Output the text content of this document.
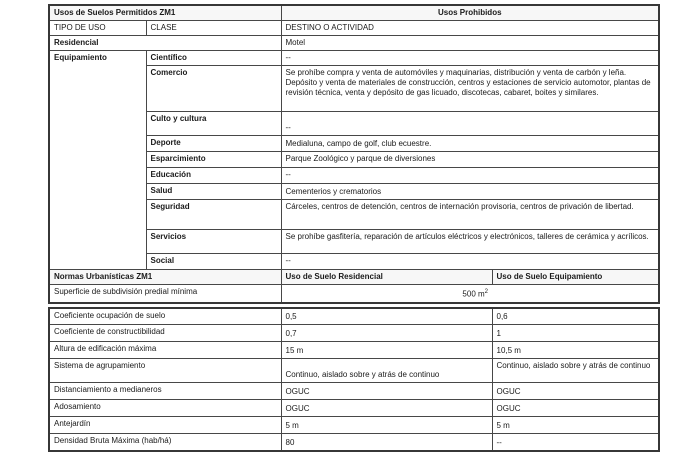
Usos de Suelos Permitidos ZM1		Usos Prohibidos	
TIPO DE USO	CLASE	DESTINO O ACTIVIDAD	
Residencial		Motel	
Equipamiento	Científico	--	
	Comercio	Se prohíbe compra y venta de automóviles y maquinarias, distribución y venta de carbón y leña. Depósito y venta de materiales de construcción, centros y estaciones de servicio automotor, plantas de revisión técnica, venta y depósito de gas licuado, discotecas, cabaret, boites y similares.	
	Culto y cultura	--	
	Deporte	Medialuna, campo de golf, club ecuestre.	
	Esparcimiento	Parque Zoológico y parque de diversiones	
	Educación	--	
	Salud	Cementerios y crematorios	
	Seguridad	Cárceles, centros de detención, centros de internación provisoria, centros de privación de libertad.	
	Servicios	Se prohíbe gasfitería, reparación de artículos eléctricos y electrónicos, talleres de cerámica y acrílicos.	
	Social	--	
Normas Urbanísticas ZM1		Uso de Suelo Residencial	Uso de Suelo Equipamiento
Superficie de subdivisión predial mínima		500 $m^2$
Coeficiente ocupación de suelo	0,5	0,6
Coeficiente de constructibilidad	0,7	1
Altura de edificación máxima	15 m	10,5 m
Sistema de agrupamiento	Continuo, aislado sobre y atrás de continuo	Continuo, aislado sobre y atrás de continuo
Distanciamiento a medianeros	OGUC	OGUC
Adosamiento	OGUC	OGUC
Antejardín	5 m	5 m
Densidad Bruta Máxima (hab/há)	80	--
